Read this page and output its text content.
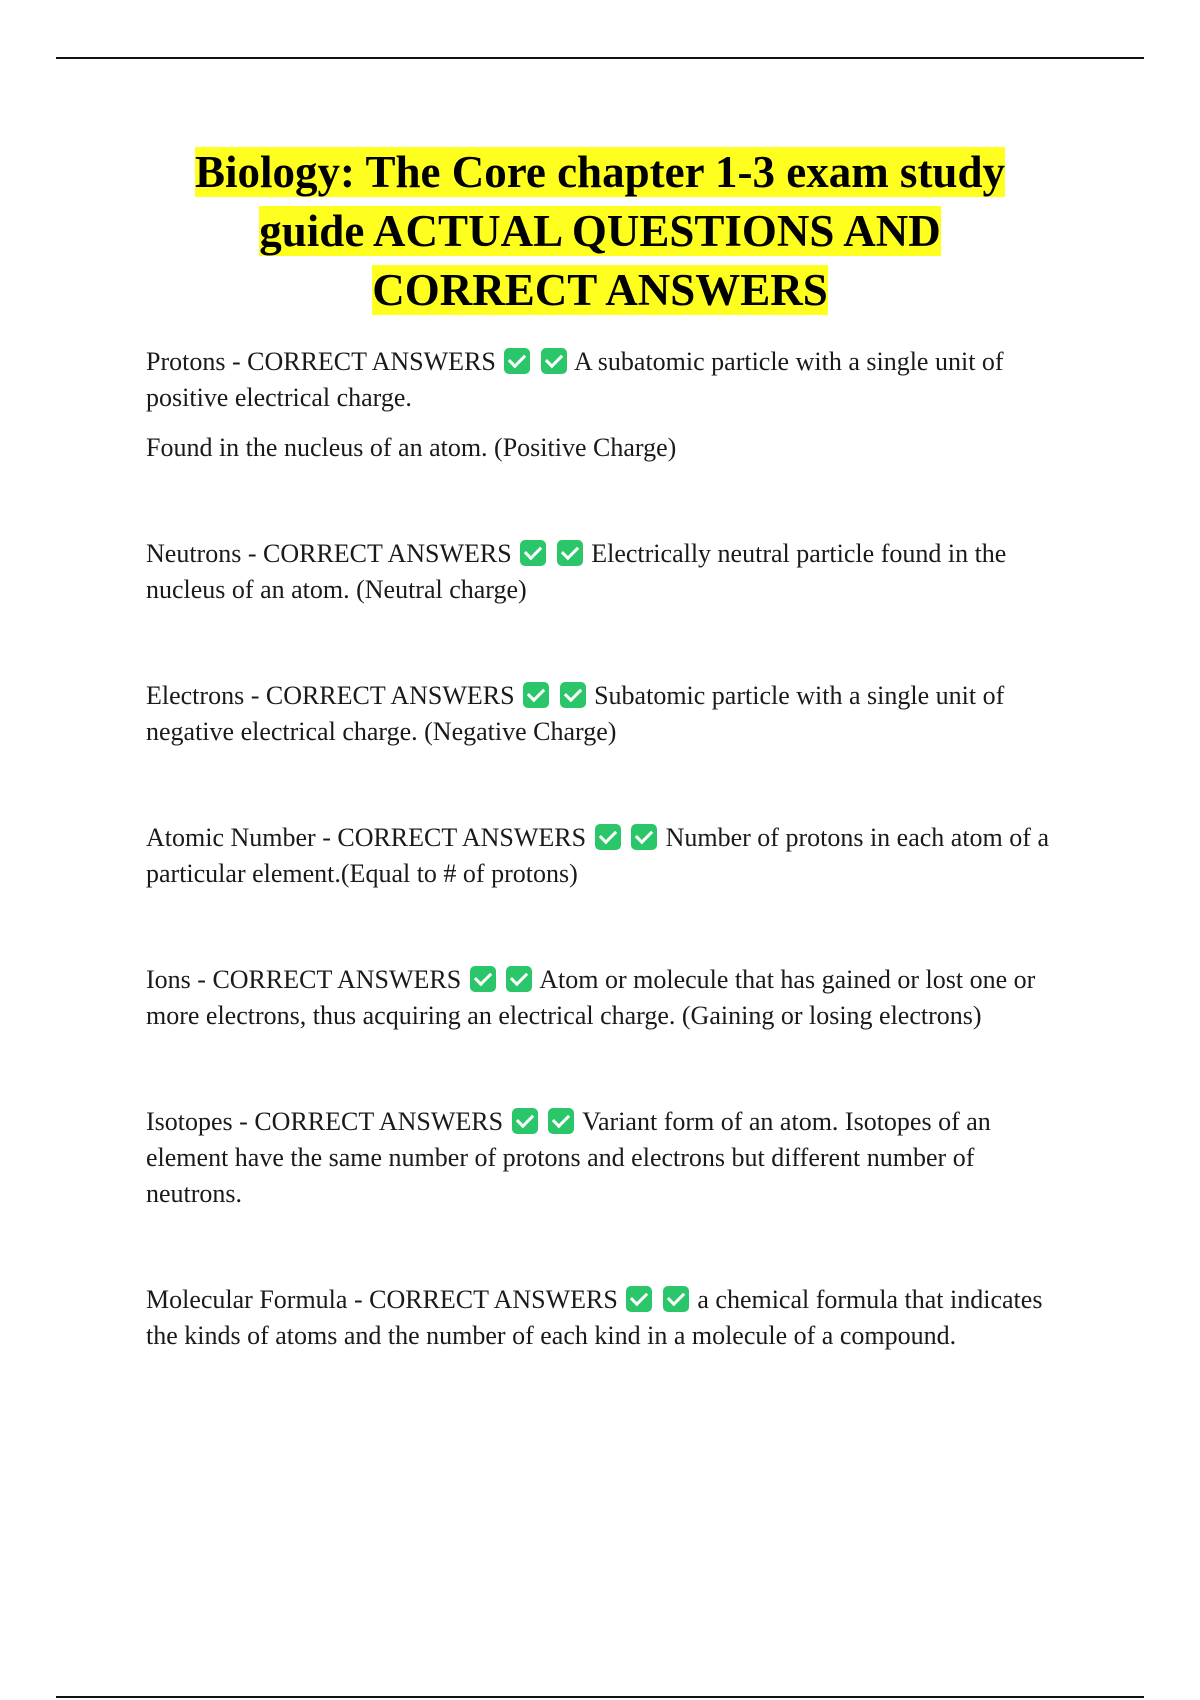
Biology: The Core chapter 1-3 exam study
guide ACTUAL QUESTIONS AND
CORRECT ANSWERS

Protons - CORRECT ANSWERS	A subatomic particle with a single unit of positive electrical charge.

Found in the nucleus of an atom. (Positive Charge)

Neutrons - CORRECT ANSWERS	Electrically neutral particle found in the nucleus of an atom. (Neutral charge)

Electrons - CORRECT ANSWERS	Subatomic particle with a single unit of negative electrical charge. (Negative Charge)

Atomic Number - CORRECT ANSWERS	Number of protons in each atom of a particular element.(Equal to # of protons)

Ions - CORRECT ANSWERS	Atom or molecule that has gained or lost one or more electrons, thus acquiring an electrical charge. (Gaining or losing electrons)

Isotopes - CORRECT ANSWERS	Variant form of an atom. Isotopes of an element have the same number of protons and electrons but different number of neutrons.

Molecular Formula - CORRECT ANSWERS	a chemical formula that indicates the kinds of atoms and the number of each kind in a molecule of a compound.
